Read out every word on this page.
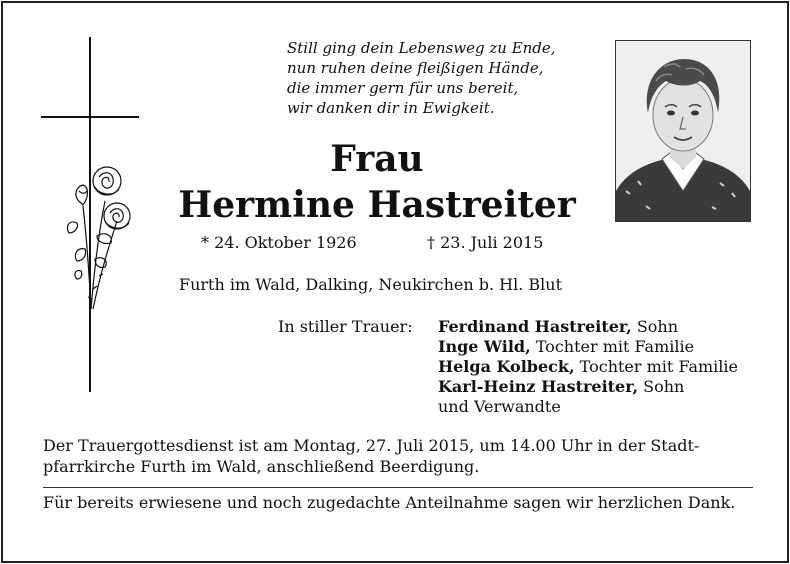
Still ging dein Lebensweg zu Ende,
nun ruhen deine fleißigen Hände,
die immer gern für uns bereit,
wir danken dir in Ewigkeit.
Frau
Hermine Hastreiter
* 24. Oktober 1926	† 23. Juli 2015
Furth im Wald, Dalking, Neukirchen b. Hl. Blut
In stiller Trauer: Ferdinand Hastreiter, Sohn
Inge Wild, Tochter mit Familie
Helga Kolbeck, Tochter mit Familie
Karl-Heinz Hastreiter, Sohn
und Verwandte
Der Trauergottesdienst ist am Montag, 27. Juli 2015, um 14.00 Uhr in der Stadtpfarrkirche Furth im Wald, anschließend Beerdigung.
Für bereits erwiesene und noch zugedachte Anteilnahme sagen wir herzlichen Dank.
